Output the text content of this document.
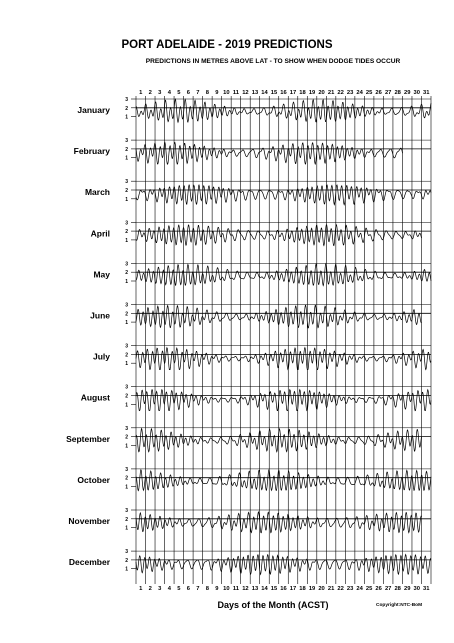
PORT ADELAIDE - 2019 PREDICTIONS
PREDICTIONS IN METRES ABOVE LAT - TO SHOW WHEN DODGE TIDES OCCUR
1
1
2
2
3
3
4
4
5
5
6
6
7
7
8
8
9
9
10
10
11
11
12
12
13
13
14
14
15
15
16
16
17
17
18
18
19
19
20
20
21
21
22
22
23
23
24
24
25
25
26
26
27
27
28
28
29
29
30
30
31
31
January
3
2
1
February
3
2
1
March
3
2
1
April
3
2
1
May
3
2
1
June
3
2
1
July
3
2
1
August
3
2
1
September
3
2
1
October
3
2
1
November
3
2
1
December
3
2
1
Days of the Month (ACST)	Copyright:NTC-BoM
